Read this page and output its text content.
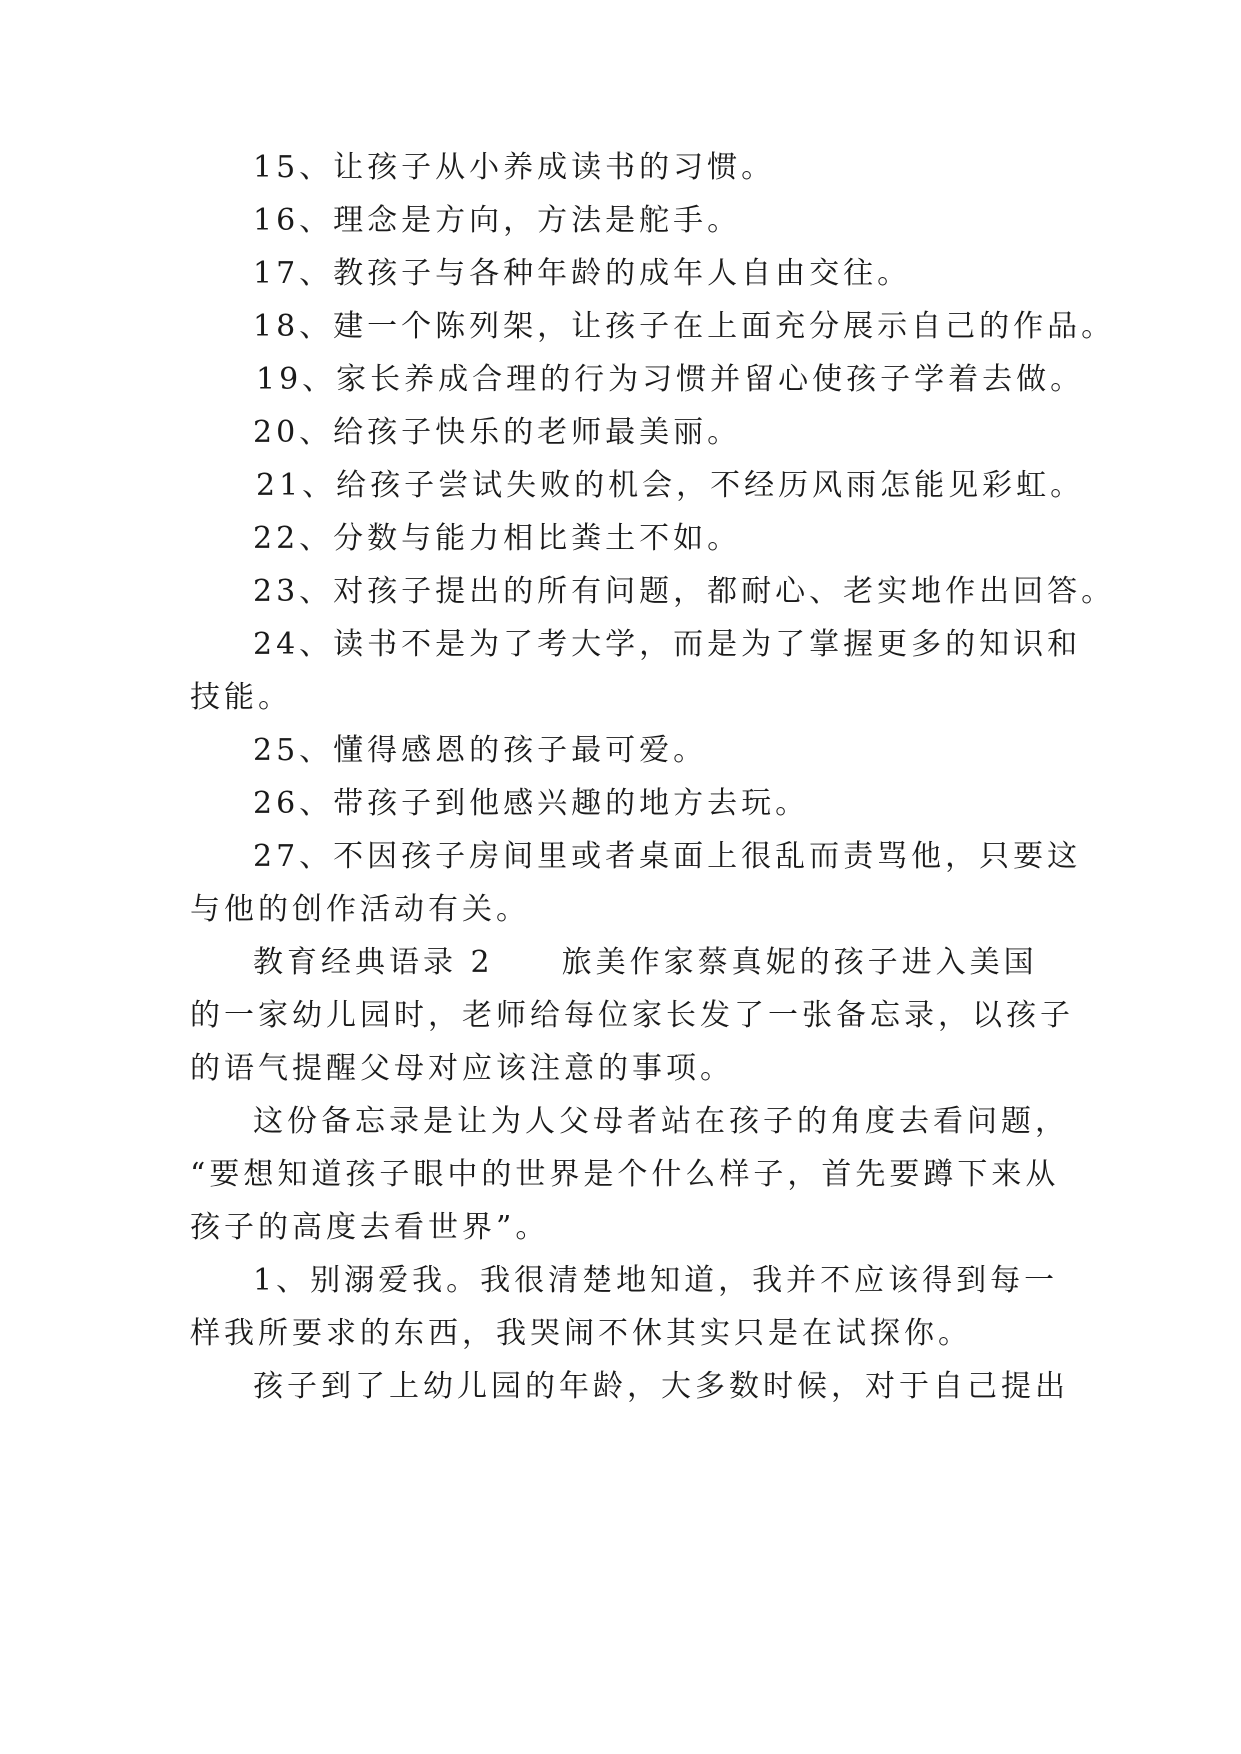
15、让孩子从小养成读书的习惯。
16、理念是方向，方法是舵手。
17、教孩子与各种年龄的成年人自由交往。
18、建一个陈列架，让孩子在上面充分展示自己的作品。
19、家长养成合理的行为习惯并留心使孩子学着去做。
20、给孩子快乐的老师最美丽。
21、给孩子尝试失败的机会，不经历风雨怎能见彩虹。
22、分数与能力相比粪土不如。
23、对孩子提出的所有问题，都耐心、老实地作出回答。
24、读书不是为了考大学，而是为了掌握更多的知识和
技能。
25、懂得感恩的孩子最可爱。
26、带孩子到他感兴趣的地方去玩。
27、不因孩子房间里或者桌面上很乱而责骂他，只要这
与他的创作活动有关。
教育经典语录 2 旅美作家蔡真妮的孩子进入美国
的一家幼儿园时，老师给每位家长发了一张备忘录，以孩子
的语气提醒父母对应该注意的事项。
这份备忘录是让为人父母者站在孩子的角度去看问题，
“要想知道孩子眼中的世界是个什么样子，首先要蹲下来从
孩子的高度去看世界”。
1、别溺爱我。我很清楚地知道，我并不应该得到每一
样我所要求的东西，我哭闹不休其实只是在试探你。
孩子到了上幼儿园的年龄，大多数时候，对于自己提出
